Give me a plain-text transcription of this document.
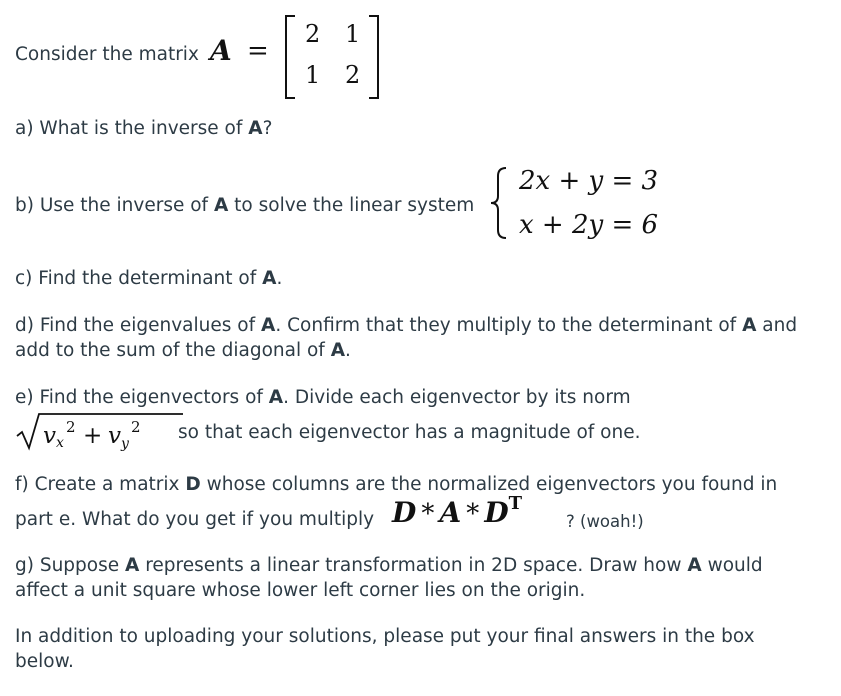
Consider the matrix A =
2 1
1 2
a) What is the inverse of A?
b) Use the inverse of A to solve the linear system
2x + y = 3
x + 2y = 6
c) Find the determinant of A.
d) Find the eigenvalues of A. Confirm that they multiply to the determinant of A and
add to the sum of the diagonal of A.
e) Find the eigenvectors of A. Divide each eigenvector by its norm
v x
2 + v y
2 so that each eigenvector has a magnitude of one.
f) Create a matrix D whose columns are the normalized eigenvectors you found in
part e. What do you get if you multiply D * A * DT
? (woah!)
g) Suppose A represents a linear transformation in 2D space. Draw how A would
affect a unit square whose lower left corner lies on the origin.
In addition to uploading your solutions, please put your final answers in the box
below.
